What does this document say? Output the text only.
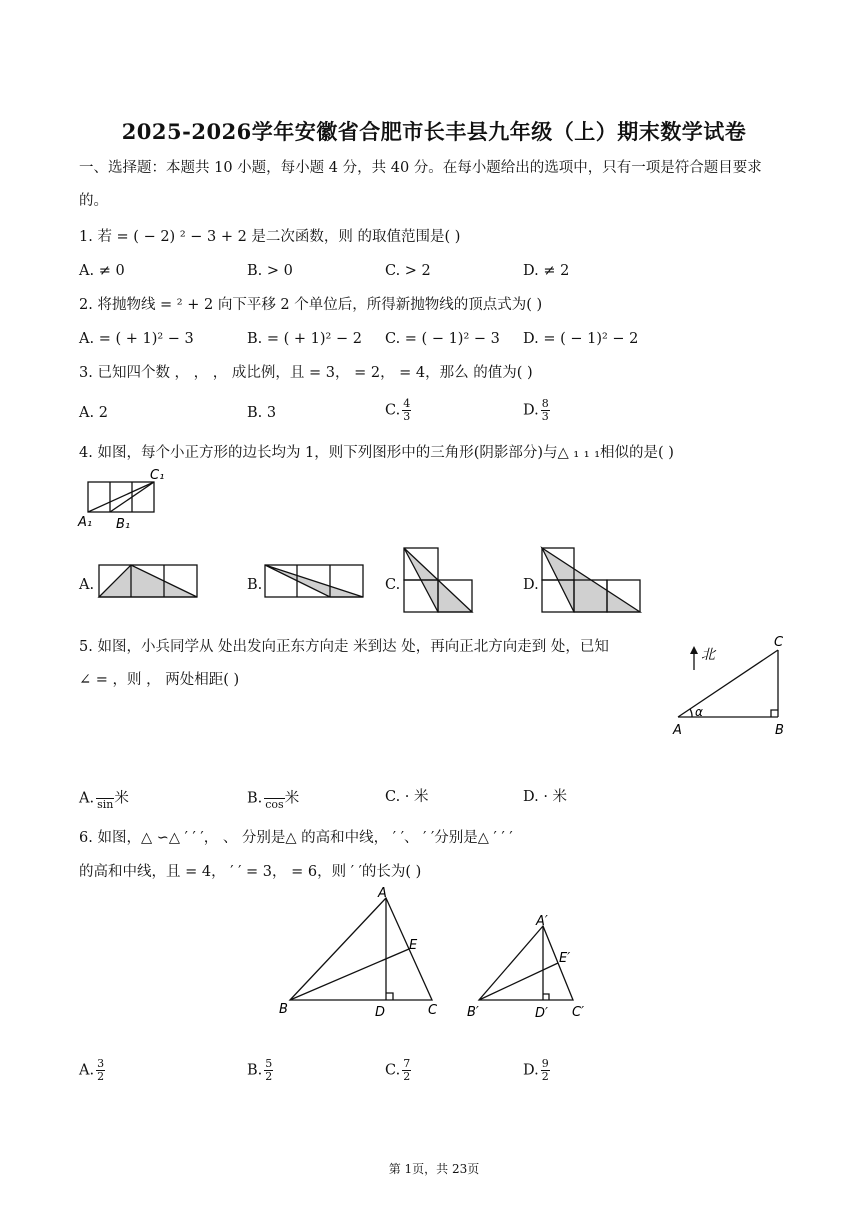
2025-2026学年安徽省合肥市长丰县九年级（上）期末数学试卷
一、选择题：本题共 10 小题，每小题 4 分，共 40 分。在每小题给出的选项中，只有一项是符合题目要求
的。
1. 若 = ( − 2) ² − 3 + 2 是二次函数，则 的取值范围是( )
A. ≠ 0	B. > 0	C. > 2	D. ≠ 2
2. 将抛物线 = ² + 2 向下平移 2 个单位后，所得新抛物线的顶点式为( )
A. = ( + 1)² − 3	B. = ( + 1)² − 2 C. = ( − 1)² − 3 D. = ( − 1)² − 2
3. 已知四个数 ， ， ， 成比例，且 = 3， = 2， = 4，那么 的值为( )
A. 2	B. 3	C. $\frac{4}{3}$	D. $\frac{8}{3}$
4. 如图，每个小正方形的边长均为 1，则下列图形中的三角形(阴影部分)与△ ₁ ₁ ₁相似的是( )
C₁
A₁ B₁
A.	B.	C.	D.
5. 如图，小兵同学从 处出发向正东方向走 米到达 处，再向正北方向走到 处，已知
∠ = ，则 ， 两处相距( )
北
α
A	B
C
A.
sin 米	B.
cos 米	C. · 米	D. · 米
6. 如图，△ ∽△ ′ ′ ′， 、 分别是△ 的高和中线， ′ ′、 ′ ′分别是△ ′ ′ ′
的高和中线，且 = 4， ′ ′ = 3， = 6，则 ′ ′的长为( )
A
B	C
D
E
A′
B′	C′
D′
E′
A. $\frac{3}{2}$	B. $\frac{5}{2}$	C. $\frac{7}{2}$	D. $\frac{9}{2}$
第 1页，共 23页
